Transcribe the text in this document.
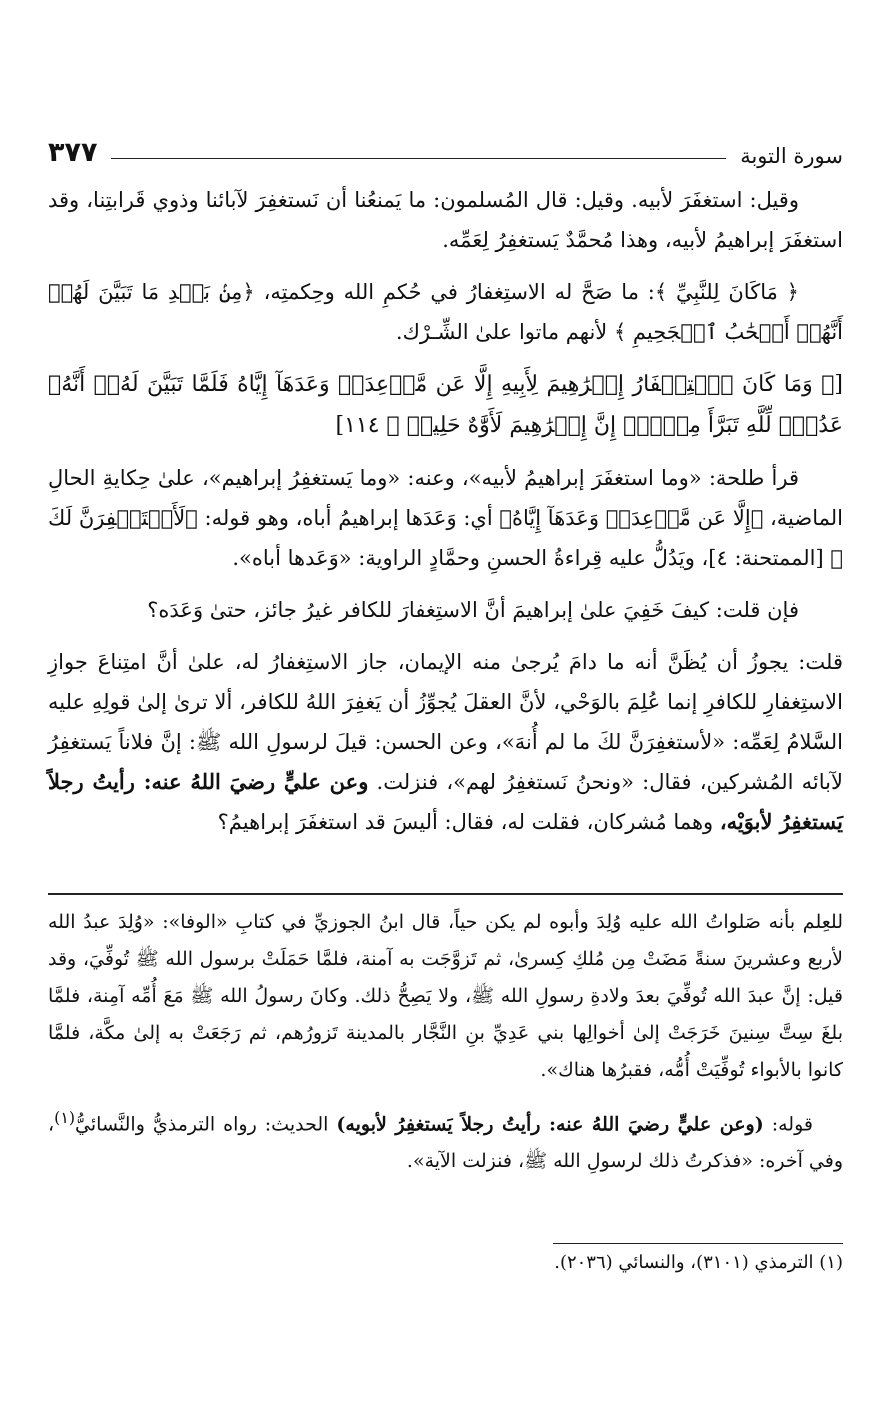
سورة التوبة
٣٧٧

وقيل: استغفَرَ لأبيه. وقيل: قال المُسلمون: ما يَمنعُنا أن نَستغفِرَ لآبائنا وذوي قَرابتِنا، وقد استغفَرَ إبراهيمُ لأبيه، وهذا مُحمَّدٌ يَستغفِرُ لِعَمِّه.

﴿ مَاكَانَ لِلنَّبِيِّ ﴾: ما صَحَّ له الاستِغفارُ في حُكمِ الله وحِكمتِه، ﴿مِنۢ بَعۡدِ مَا تَبَيَّنَ لَهُمۡ أَنَّهُمۡ أَصۡحَٰبُ ٱلۡجَحِيمِ ﴾ لأنهم ماتوا علىٰ الشِّـرْك.

[﴿ وَمَا كَانَ ٱسۡتِغۡفَارُ إِبۡرَٰهِيمَ لِأَبِيهِ إِلَّا عَن مَّوۡعِدَةٖ وَعَدَهَآ إِيَّاهُ فَلَمَّا تَبَيَّنَ لَهُۥٓ أَنَّهُۥ عَدُوّٞ لِّلَّهِ تَبَرَّأَ مِنۡهُۚ إِنَّ إِبۡرَٰهِيمَ لَأَوَّٰهٌ حَلِيمٞ ﴾ ١١٤]

قرأ طلحة: «وما استغفَرَ إبراهيمُ لأبيه»، وعنه: «وما يَستغفِرُ إبراهيم»، علىٰ حِكايةِ الحالِ الماضية، ﴿إِلَّا عَن مَّوۡعِدَةٖ وَعَدَهَآ إِيَّاهُ﴾ أي: وَعَدَها إبراهيمُ أباه، وهو قوله: ﴿لَأَسۡتَغۡفِرَنَّ لَكَ ﴾ [الممتحنة: ٤]، ويَدُلُّ عليه قِراءةُ الحسنِ وحمَّادٍ الراوية: «وَعَدها أباه».

فإن قلت: كيفَ خَفِيَ علىٰ إبراهيمَ أنَّ الاستِغفارَ للكافر غيرُ جائز، حتىٰ وَعَدَه؟

قلت: يجوزُ أن يُظَنَّ أنه ما دامَ يُرجىٰ منه الإيمان، جاز الاستِغفارُ له، علىٰ أنَّ امتِناعَ جوازِ الاستِغفارِ للكافرِ إنما عُلِمَ بالوَحْي، لأنَّ العقلَ يُجوِّزُ أن يَغفِرَ اللهُ للكافر، ألا ترىٰ إلىٰ قولِهِ عليه السَّلامُ لِعَمِّه: «لأستغفِرَنَّ لكَ ما لم أُنهَ»، وعن الحسن: قيلَ لرسولِ الله ﷺ: إنَّ فلاناً يَستغفِرُ لآبائه المُشركين، فقال: «ونحنُ نَستغفِرُ لهم»، فنزلت. وعن عليٍّ رضيَ اللهُ عنه: رأيتُ رجلاً يَستغفِرُ لأبوَيْه، وهما مُشركان، فقلت له، فقال: أليسَ قد استغفَرَ إبراهيمُ؟

للعِلم بأنه صَلواتُ الله عليه وُلِدَ وأبوه لم يكن حياً، قال ابنُ الجوزيِّ في كتابِ «الوفا»: «وُلِدَ عبدُ الله لأربع وعشرينَ سنةً مَضَتْ مِن مُلكِ كِسرىٰ، ثم تَزوَّجَت به آمنة، فلمَّا حَمَلَتْ برسول الله ﷺ تُوفِّيَ، وقد قيل: إنَّ عبدَ الله تُوفِّيَ بعدَ ولادةِ رسولِ الله ﷺ، ولا يَصِحُّ ذلك. وكانَ رسولُ الله ﷺ مَعَ أُمِّه آمِنة، فلمَّا بلغَ سِتَّ سِنينَ خَرَجَتْ إلىٰ أخوالِها بني عَدِيِّ بنِ النَّجَّار بالمدينة تَزورُهم، ثم رَجَعَتْ به إلىٰ مكَّة، فلمَّا كانوا بالأبواء تُوفِّيَتْ أُمُّه، فقبرُها هناك».

قوله: (وعن عليٍّ رضيَ اللهُ عنه: رأيتُ رجلاً يَستغفِرُ لأبويه) الحديث: رواه الترمذيُّ والنَّسائيُّ$^{(١)}$، وفي آخره: «فذكرتُ ذلك لرسولِ الله ﷺ، فنزلت الآية».

(١) الترمذي (٣١٠١)، والنسائي (٢٠٣٦).
